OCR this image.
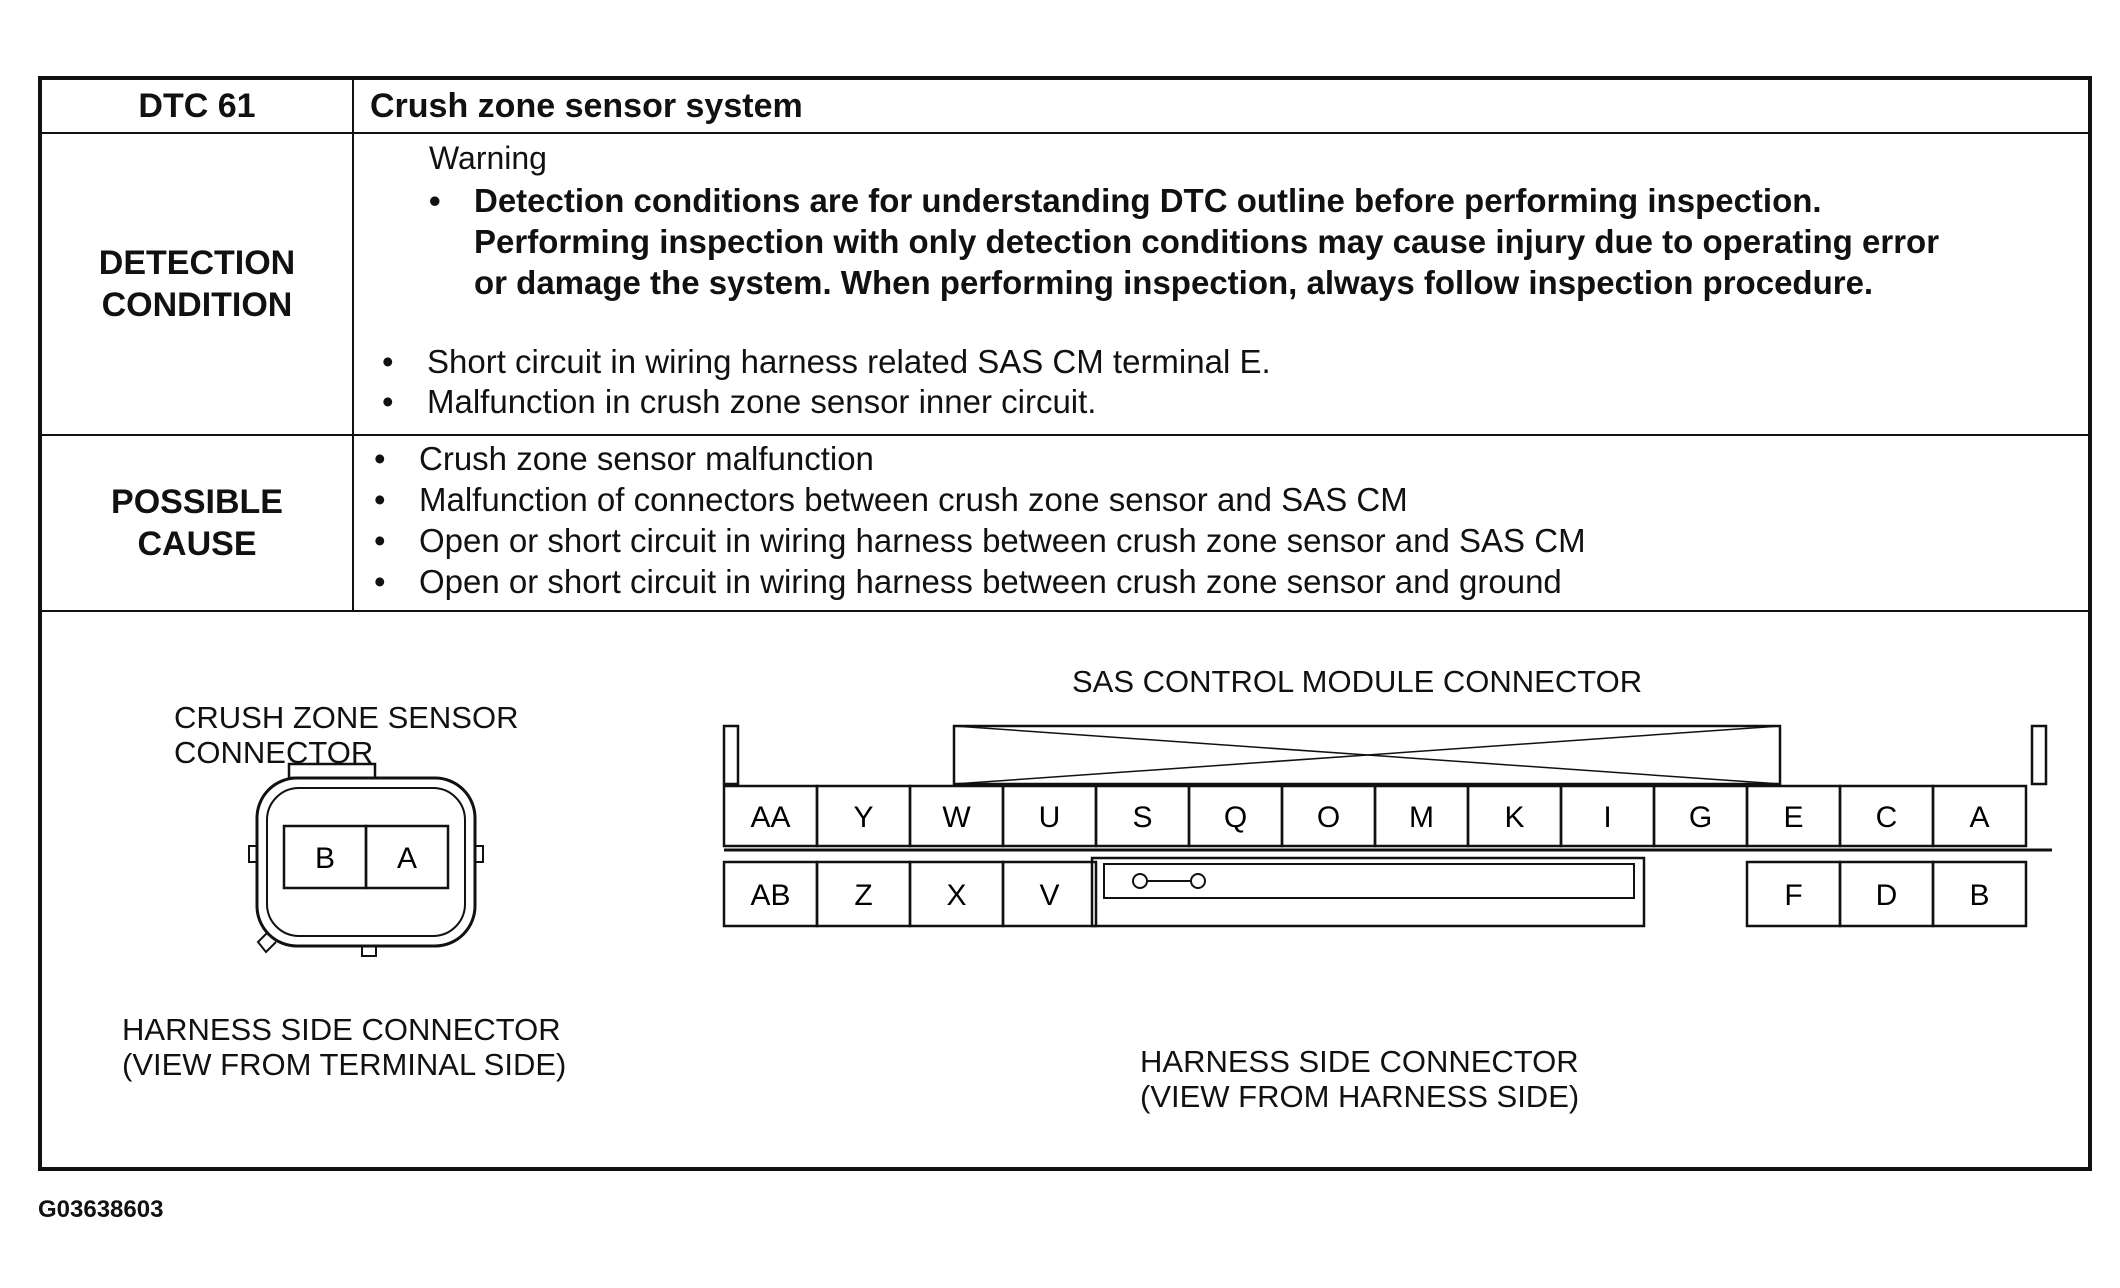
DTC 61	Crush zone sensor system
DETECTION
CONDITION
Warning
• Detection conditions are for understanding DTC outline before performing inspection.
Performing inspection with only detection conditions may cause injury due to operating error
or damage the system. When performing inspection, always follow inspection procedure.
• Short circuit in wiring harness related SAS CM terminal E.
• Malfunction in crush zone sensor inner circuit.
POSSIBLE
CAUSE
• Crush zone sensor malfunction
• Malfunction of connectors between crush zone sensor and SAS CM
• Open or short circuit in wiring harness between crush zone sensor and SAS CM
• Open or short circuit in wiring harness between crush zone sensor and ground
CRUSH ZONE SENSOR
CONNECTOR
HARNESS SIDE CONNECTOR
(VIEW FROM TERMINAL SIDE)
B A
SAS CONTROL MODULE CONNECTOR
HARNESS SIDE CONNECTOR
(VIEW FROM HARNESS SIDE)
AA Y W U S Q O M K	I	G E C A
AB Z X V	F D B
G03638603
